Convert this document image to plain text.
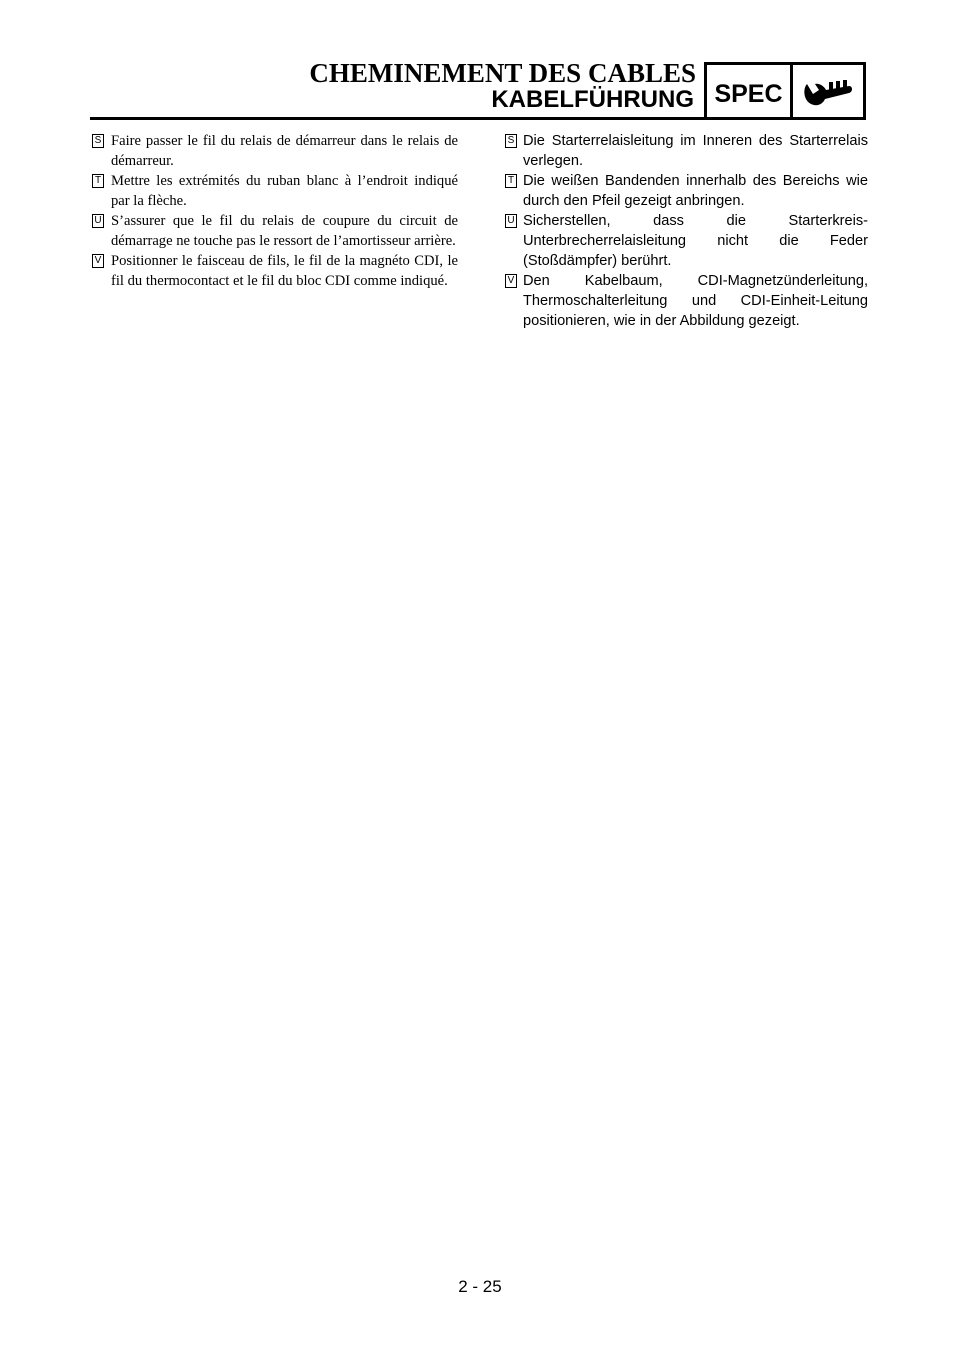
CHEMINEMENT DES CABLES
KABELFÜHRUNG SPEC
S Faire passer le fil du relais de démarreur dans le relais de démarreur.
T Mettre les extrémités du ruban blanc à l’endroit indiqué par la flèche.
U S’assurer que le fil du relais de coupure du circuit de démarrage ne touche pas le ressort de l’amortisseur arrière.
V Positionner le faisceau de fils, le fil de la magnéto CDI, le fil du thermocontact et le fil du bloc CDI comme indiqué.
S Die Starterrelaisleitung im Inneren des Starterrelais verlegen.
T Die weißen Bandenden innerhalb des Bereichs wie durch den Pfeil gezeigt anbringen.
U Sicherstellen, dass die Starterkreis-Unterbrecherrelaisleitung nicht die Feder (Stoßdämpfer) berührt.
V Den Kabelbaum, CDI-Magnetzünderleitung, Thermoschalterleitung und CDI-Einheit-Leitung positionieren, wie in der Abbildung gezeigt.
2 - 25
